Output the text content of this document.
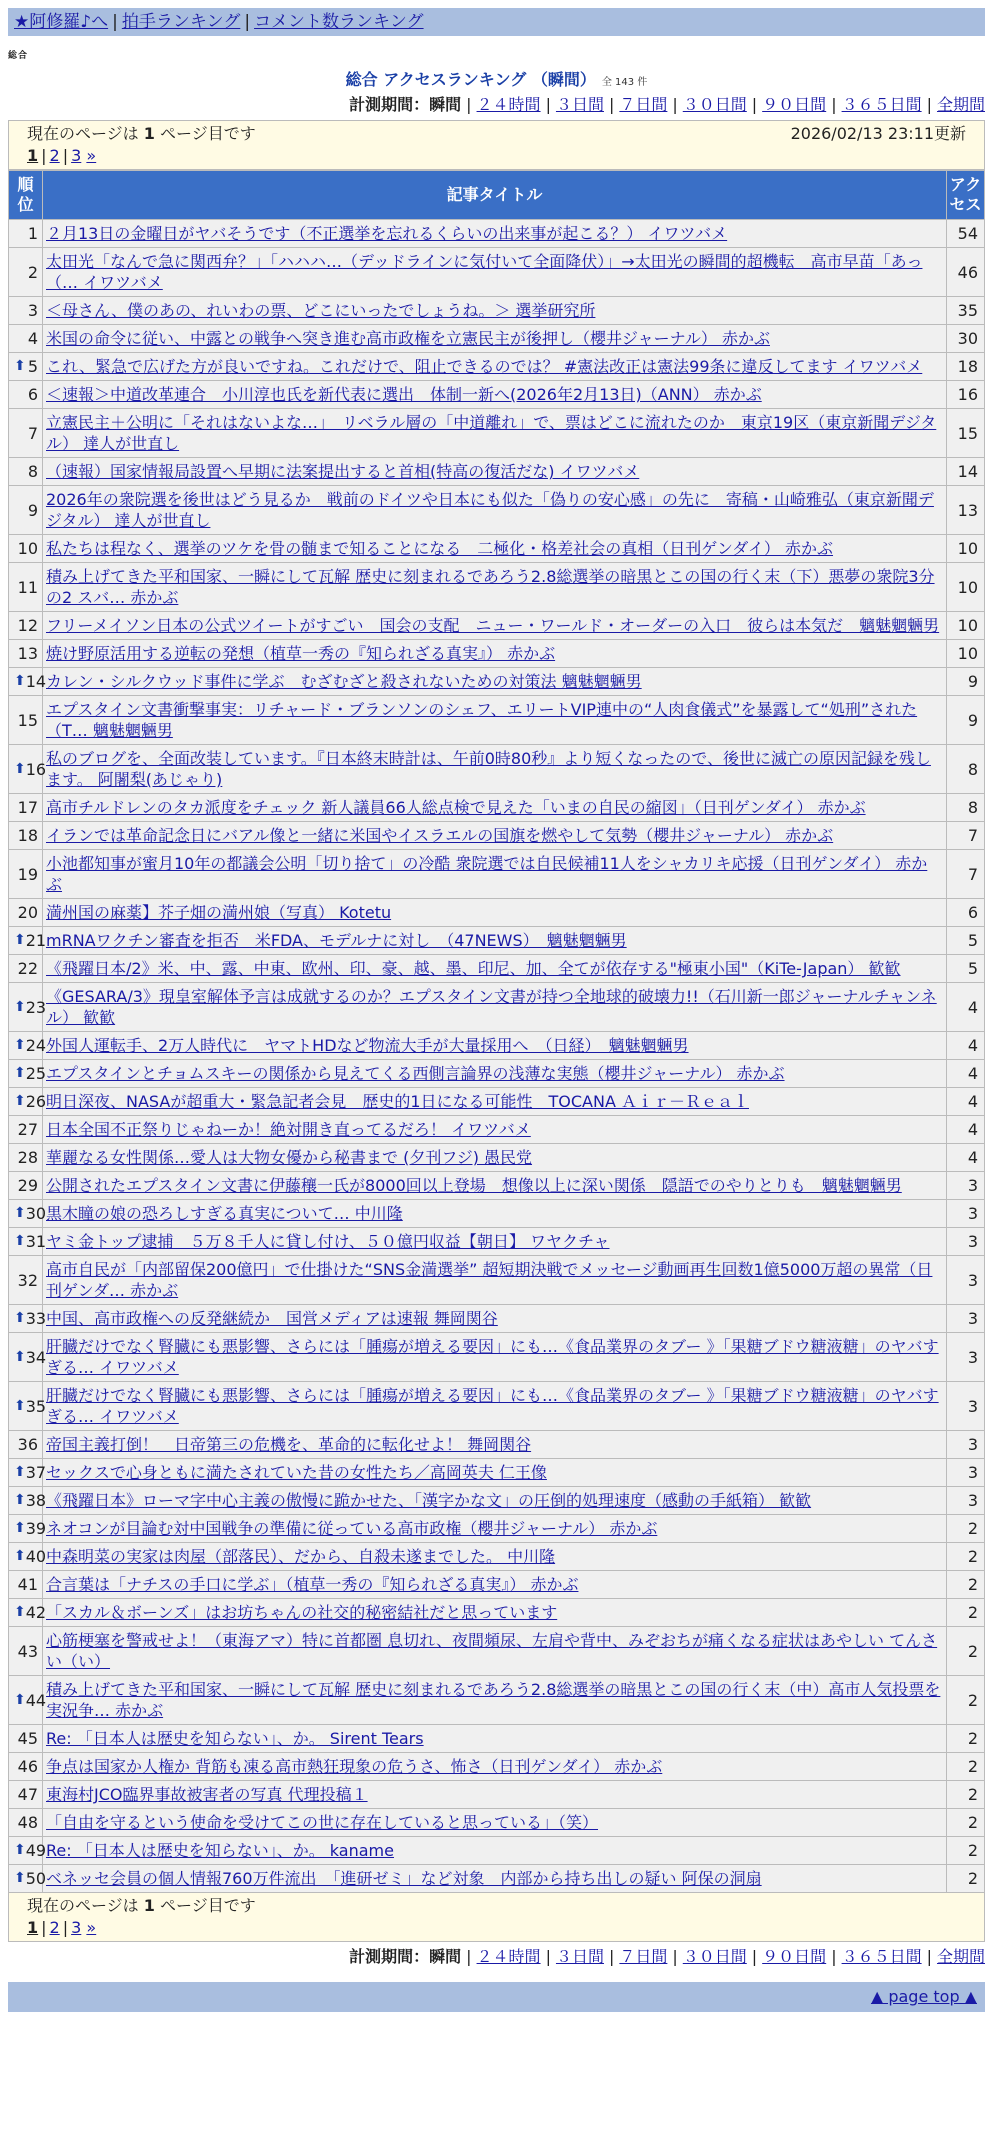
★阿修羅♪へ | 拍手ランキング | コメント数ランキング
総合
総合 アクセスランキング （瞬間） 全 143 件
計測期間：瞬間 | ２４時間 | ３日間 | ７日間 | ３０日間 | ９０日間 | ３６５日間 | 全期間
現在のページは 1 ページ目です	2026/02/13 23:11更新
1 | 2 | 3 »
順位	記事タイトル	アクセス
1	２月13日の金曜日がヤバそうです（不正選挙を忘れるくらいの出来事が起こる？） イワツバメ	54
2	太田光「なんで急に関西弁？」「ハハハ…（デッドラインに気付いて全面降伏）」→太田光の瞬間的超機転　高市早苗「あっ（… イワツバメ	46
3	＜母さん、僕のあの、れいわの票、どこにいったでしょうね。＞ 選挙研究所	35
4	米国の命令に従い、中露との戦争へ突き進む高市政権を立憲民主が後押し（櫻井ジャーナル） 赤かぶ	30

⬆ 5	これ、緊急で広げた方が良いですね。これだけで、阻止できるのでは？ #憲法改正は憲法99条に違反してます イワツバメ	18
6	＜速報＞中道改革連合　小川淳也氏を新代表に選出　体制一新へ(2026年2月13日)（ANN） 赤かぶ	16
7	立憲民主＋公明に「それはないよな…」　リベラル層の「中道離れ」で、票はどこに流れたのか　東京19区（東京新聞デジタル） 達人が世直し	15
8	（速報）国家情報局設置へ早期に法案提出すると首相(特高の復活だな) イワツバメ	14
9	2026年の衆院選を後世はどう見るか　戦前のドイツや日本にも似た「偽りの安心感」の先に　寄稿・山崎雅弘（東京新聞デジタル） 達人が世直し	13
10	私たちは程なく、選挙のツケを骨の髄まで知ることになる　二極化・格差社会の真相（日刊ゲンダイ） 赤かぶ	10
11	積み上げてきた平和国家、一瞬にして瓦解 歴史に刻まれるであろう2.8総選挙の暗黒とこの国の行く末（下）悪夢の衆院3分の2 スバ… 赤かぶ	10
12	フリーメイソン日本の公式ツイートがすごい　国会の支配　ニュー・ワールド・オーダーの入口　彼らは本気だ　魑魅魍魎男	10
13	焼け野原活用する逆転の発想（植草一秀の『知られざる真実』） 赤かぶ	10

⬆ 14	カレン・シルクウッド事件に学ぶ　むざむざと殺されないための対策法 魑魅魍魎男	9
15	エプスタイン文書衝撃事実：リチャード・ブランソンのシェフ、エリートVIP連中の“人肉食儀式”を暴露して“処刑”された（T… 魑魅魍魎男	9

⬆ 16	私のブログを、全面改装しています。『日本終末時計は、午前0時80秒』より短くなったので、後世に滅亡の原因記録を残します。 阿闍梨(あじゃり)	8
17	高市チルドレンのタカ派度をチェック 新人議員66人総点検で見えた「いまの自民の縮図」（日刊ゲンダイ） 赤かぶ	8
18	イランでは革命記念日にバアル像と一緒に米国やイスラエルの国旗を燃やして気勢（櫻井ジャーナル） 赤かぶ	7
19	小池都知事が蜜月10年の都議会公明「切り捨て」の冷酷 衆院選では自民候補11人をシャカリキ応援（日刊ゲンダイ） 赤かぶ	7
20	満州国の麻薬】芥子畑の満州娘（写真） Kotetu	6

⬆ 21	mRNAワクチン審査を拒否　米FDA、モデルナに対し　（47NEWS）　魑魅魍魎男	5
22	《飛躍日本/2》米、中、露、中東、欧州、印、豪、越、墨、印尼、加、全てが依存する"極東小国"（KiTe-Japan） 歓歓	5

⬆ 23	《GESARA/3》現皇室解体予言は成就するのか？エプスタイン文書が持つ全地球的破壊力!!（石川新一郎ジャーナルチャンネル） 歓歓	4

⬆ 24	外国人運転手、2万人時代に　ヤマトHDなど物流大手が大量採用へ　（日経）　魑魅魍魎男	4

⬆ 25	エプスタインとチョムスキーの関係から見えてくる西側言論界の浅薄な実態（櫻井ジャーナル） 赤かぶ	4

⬆ 26	明日深夜、NASAが超重大・緊急記者会見　歴史的1日になる可能性　TOCANA Ａｉｒ－Ｒｅａｌ	4
27	日本全国不正祭りじゃねーか！絶対開き直ってるだろ！ イワツバメ	4
28	華麗なる女性関係…愛人は大物女優から秘書まで (夕刊フジ) 愚民党	4
29	公開されたエプスタイン文書に伊藤穰一氏が8000回以上登場　想像以上に深い関係　隠語でのやりとりも　魑魅魍魎男	3

⬆ 30	黒木瞳の娘の恐ろしすぎる真実について… 中川隆	3

⬆ 31	ヤミ金トップ逮捕　５万８千人に貸し付け、５０億円収益【朝日】 ワヤクチャ	3
32	高市自民が「内部留保200億円」で仕掛けた“SNS金満選挙” 超短期決戦でメッセージ動画再生回数1億5000万超の異常（日刊ゲンダ… 赤かぶ	3

⬆ 33	中国、高市政権への反発継続か　国営メディアは速報 舞岡関谷	3

⬆ 34	肝臓だけでなく腎臓にも悪影響、さらには「腫瘍が増える要因」にも…《食品業界のタブー 》「果糖ブドウ糖液糖」のヤバすぎる… イワツバメ	3

⬆ 35	肝臓だけでなく腎臓にも悪影響、さらには「腫瘍が増える要因」にも…《食品業界のタブー 》「果糖ブドウ糖液糖」のヤバすぎる… イワツバメ	3
36	帝国主義打倒！　日帝第三の危機を、革命的に転化せよ！ 舞岡関谷	3

⬆ 37	セックスで心身ともに満たされていた昔の女性たち／高岡英夫 仁王像	3

⬆ 38	《飛躍日本》ローマ字中心主義の傲慢に跪かせた、「漢字かな文」の圧倒的処理速度（感動の手紙箱） 歓歓	3

⬆ 39	ネオコンが目論む対中国戦争の準備に従っている高市政権（櫻井ジャーナル） 赤かぶ	2

⬆ 40	中森明菜の実家は肉屋（部落民）、だから、自殺未遂までした。 中川隆	2
41	合言葉は「ナチスの手口に学ぶ」（植草一秀の『知られざる真実』） 赤かぶ	2

⬆ 42	「スカル＆ボーンズ」はお坊ちゃんの社交的秘密結社だと思っています	2
43	心筋梗塞を警戒せよ！（東海アマ）特に首都圏 息切れ、夜間頻尿、左肩や背中、みぞおちが痛くなる症状はあやしい てんさい（い）	2

⬆ 44	積み上げてきた平和国家、一瞬にして瓦解 歴史に刻まれるであろう2.8総選挙の暗黒とこの国の行く末（中）高市人気投票を実況争… 赤かぶ	2
45	Re: 「日本人は歴史を知らない」、か。 Sirent Tears	2
46	争点は国家か人権か 背筋も凍る高市熱狂現象の危うさ、怖さ（日刊ゲンダイ） 赤かぶ	2
47	東海村JCO臨界事故被害者の写真 代理投稿１	2
48	「自由を守るという使命を受けてこの世に存在していると思っている」（笑）	2

⬆ 49	Re: 「日本人は歴史を知らない」、か。 kaname	2

⬆ 50	ベネッセ会員の個人情報760万件流出　「進研ゼミ」など対象　内部から持ち出しの疑い 阿保の洞扇	2
現在のページは 1 ページ目です
1 | 2 | 3 »
計測期間：瞬間 | ２４時間 | ３日間 | ７日間 | ３０日間 | ９０日間 | ３６５日間 | 全期間
▲ page top ▲
